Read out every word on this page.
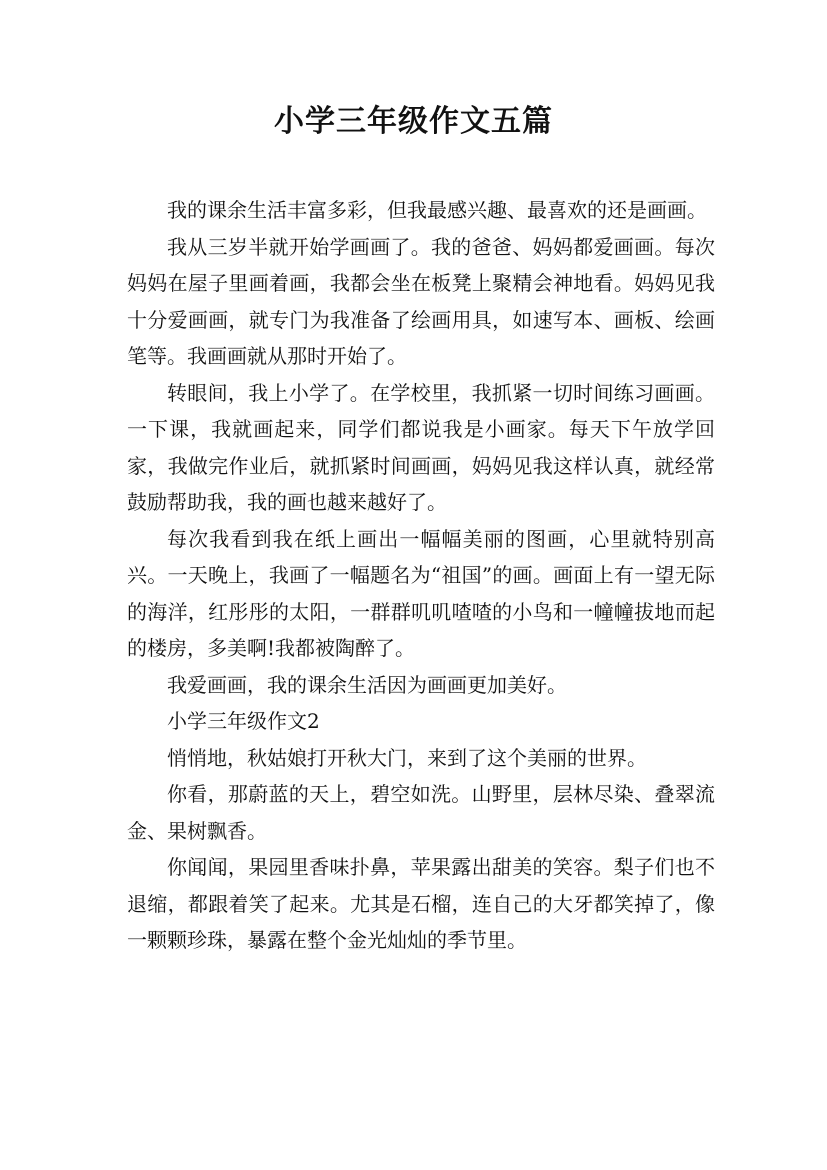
小学三年级作文五篇

我的课余生活丰富多彩，但我最感兴趣、最喜欢的还是画画。

我从三岁半就开始学画画了。我的爸爸、妈妈都爱画画。每次妈妈在屋子里画着画，我都会坐在板凳上聚精会神地看。妈妈见我十分爱画画，就专门为我准备了绘画用具，如速写本、画板、绘画笔等。我画画就从那时开始了。

转眼间，我上小学了。在学校里，我抓紧一切时间练习画画。一下课，我就画起来，同学们都说我是小画家。每天下午放学回家，我做完作业后，就抓紧时间画画，妈妈见我这样认真，就经常鼓励帮助我，我的画也越来越好了。

每次我看到我在纸上画出一幅幅美丽的图画，心里就特别高兴。一天晚上，我画了一幅题名为“祖国”的画。画面上有一望无际的海洋，红彤彤的太阳，一群群叽叽喳喳的小鸟和一幢幢拔地而起的楼房，多美啊!我都被陶醉了。

我爱画画，我的课余生活因为画画更加美好。

小学三年级作文2

悄悄地，秋姑娘打开秋大门，来到了这个美丽的世界。

你看，那蔚蓝的天上，碧空如洗。山野里，层林尽染、叠翠流金、果树飘香。

你闻闻，果园里香味扑鼻，苹果露出甜美的笑容。梨子们也不退缩，都跟着笑了起来。尤其是石榴，连自己的大牙都笑掉了，像一颗颗珍珠，暴露在整个金光灿灿的季节里。
